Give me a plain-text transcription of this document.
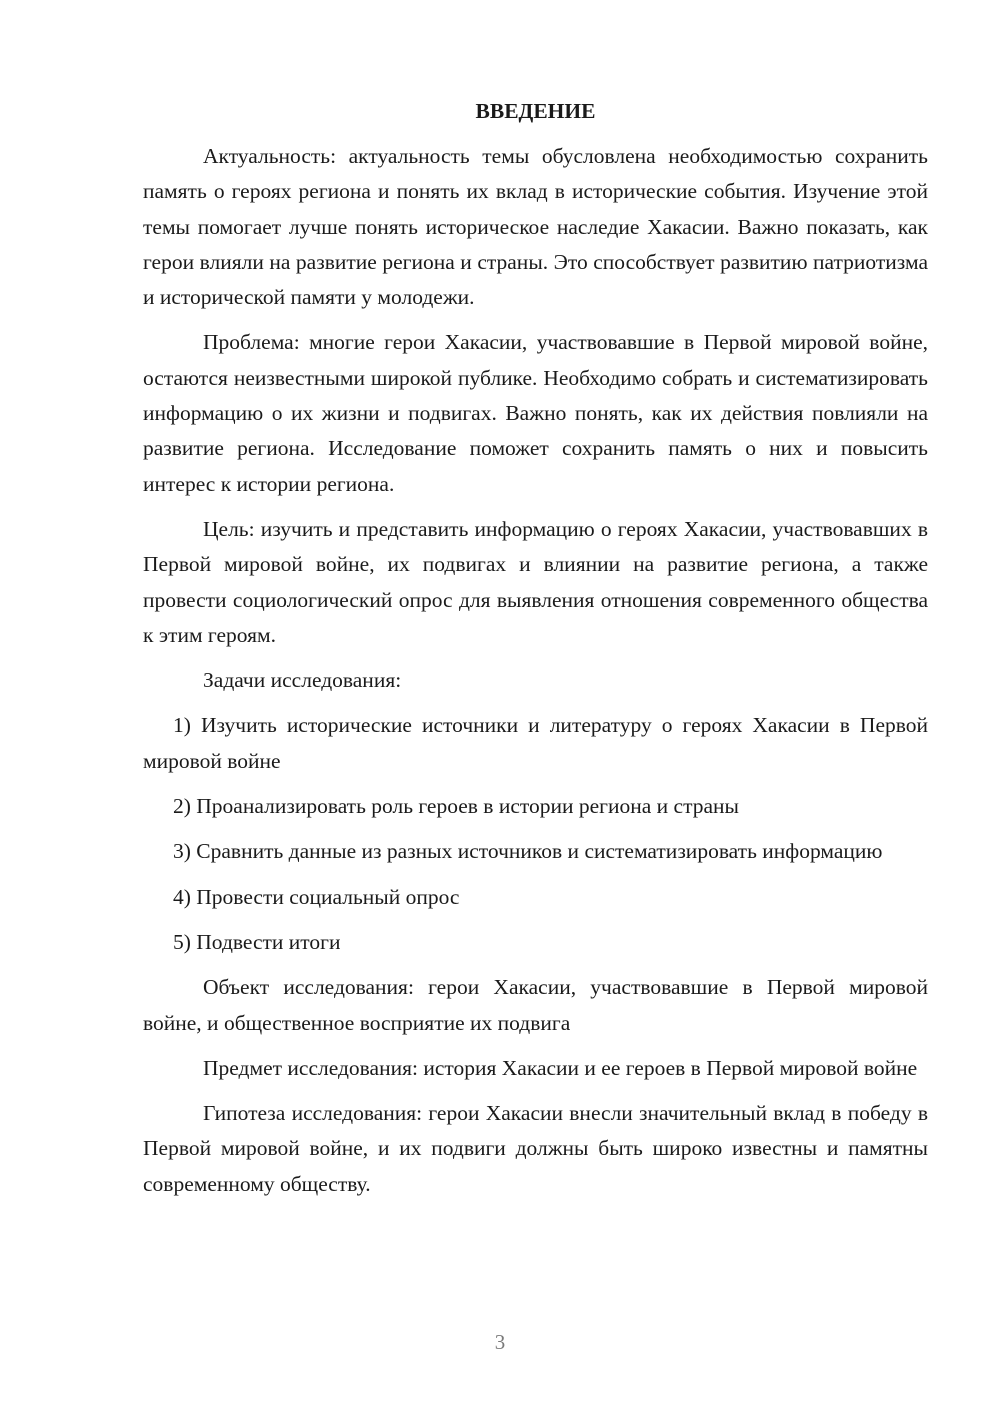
ВВЕДЕНИЕ

Актуальность: актуальность темы обусловлена необходимостью сохранить память о героях региона и понять их вклад в исторические события. Изучение этой темы помогает лучше понять историческое наследие Хакасии. Важно показать, как герои влияли на развитие региона и страны. Это способствует развитию патриотизма и исторической памяти у молодежи.

Проблема: многие герои Хакасии, участвовавшие в Первой мировой войне, остаются неизвестными широкой публике. Необходимо собрать и систематизировать информацию о их жизни и подвигах. Важно понять, как их действия повлияли на развитие региона. Исследование поможет сохранить память о них и повысить интерес к истории региона.

Цель: изучить и представить информацию о героях Хакасии, участвовавших в Первой мировой войне, их подвигах и влиянии на развитие региона, а также провести социологический опрос для выявления отношения современного общества к этим героям.

Задачи исследования:

1) Изучить исторические источники и литературу о героях Хакасии в Первой мировой войне

2) Проанализировать роль героев в истории региона и страны

3) Сравнить данные из разных источников и систематизировать информацию

4) Провести социальный опрос

5) Подвести итоги

Объект исследования: герои Хакасии, участвовавшие в Первой мировой войне, и общественное восприятие их подвига

Предмет исследования: история Хакасии и ее героев в Первой мировой войне

Гипотеза исследования: герои Хакасии внесли значительный вклад в победу в Первой мировой войне, и их подвиги должны быть широко известны и памятны современному обществу.

3
